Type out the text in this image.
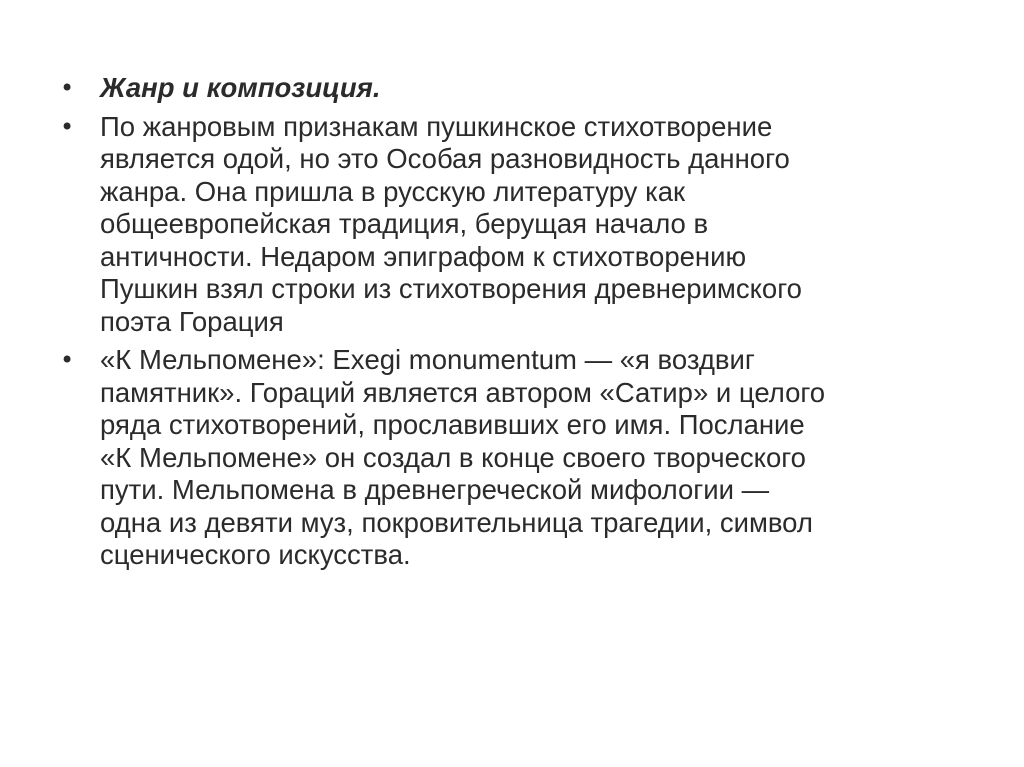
• Жанр и композиция.
• По жанровым признакам пушкинское стихотворение
является одой, но это Особая разновидность данного
жанра. Она пришла в русскую литературу как
общеевропейская традиция, берущая начало в
античности. Недаром эпиграфом к стихотворению
Пушкин взял строки из стихотворения древнеримского
поэта Горация
• «К Мельпомене»: Exegi monumentum — «я воздвиг
памятник». Гораций является автором «Сатир» и целого
ряда стихотворений, прославивших его имя. Послание
«К Мельпомене» он создал в конце своего творческого
пути. Мельпомена в древнегреческой мифологии —
одна из девяти муз, покровительница трагедии, символ
сценического искусства.
